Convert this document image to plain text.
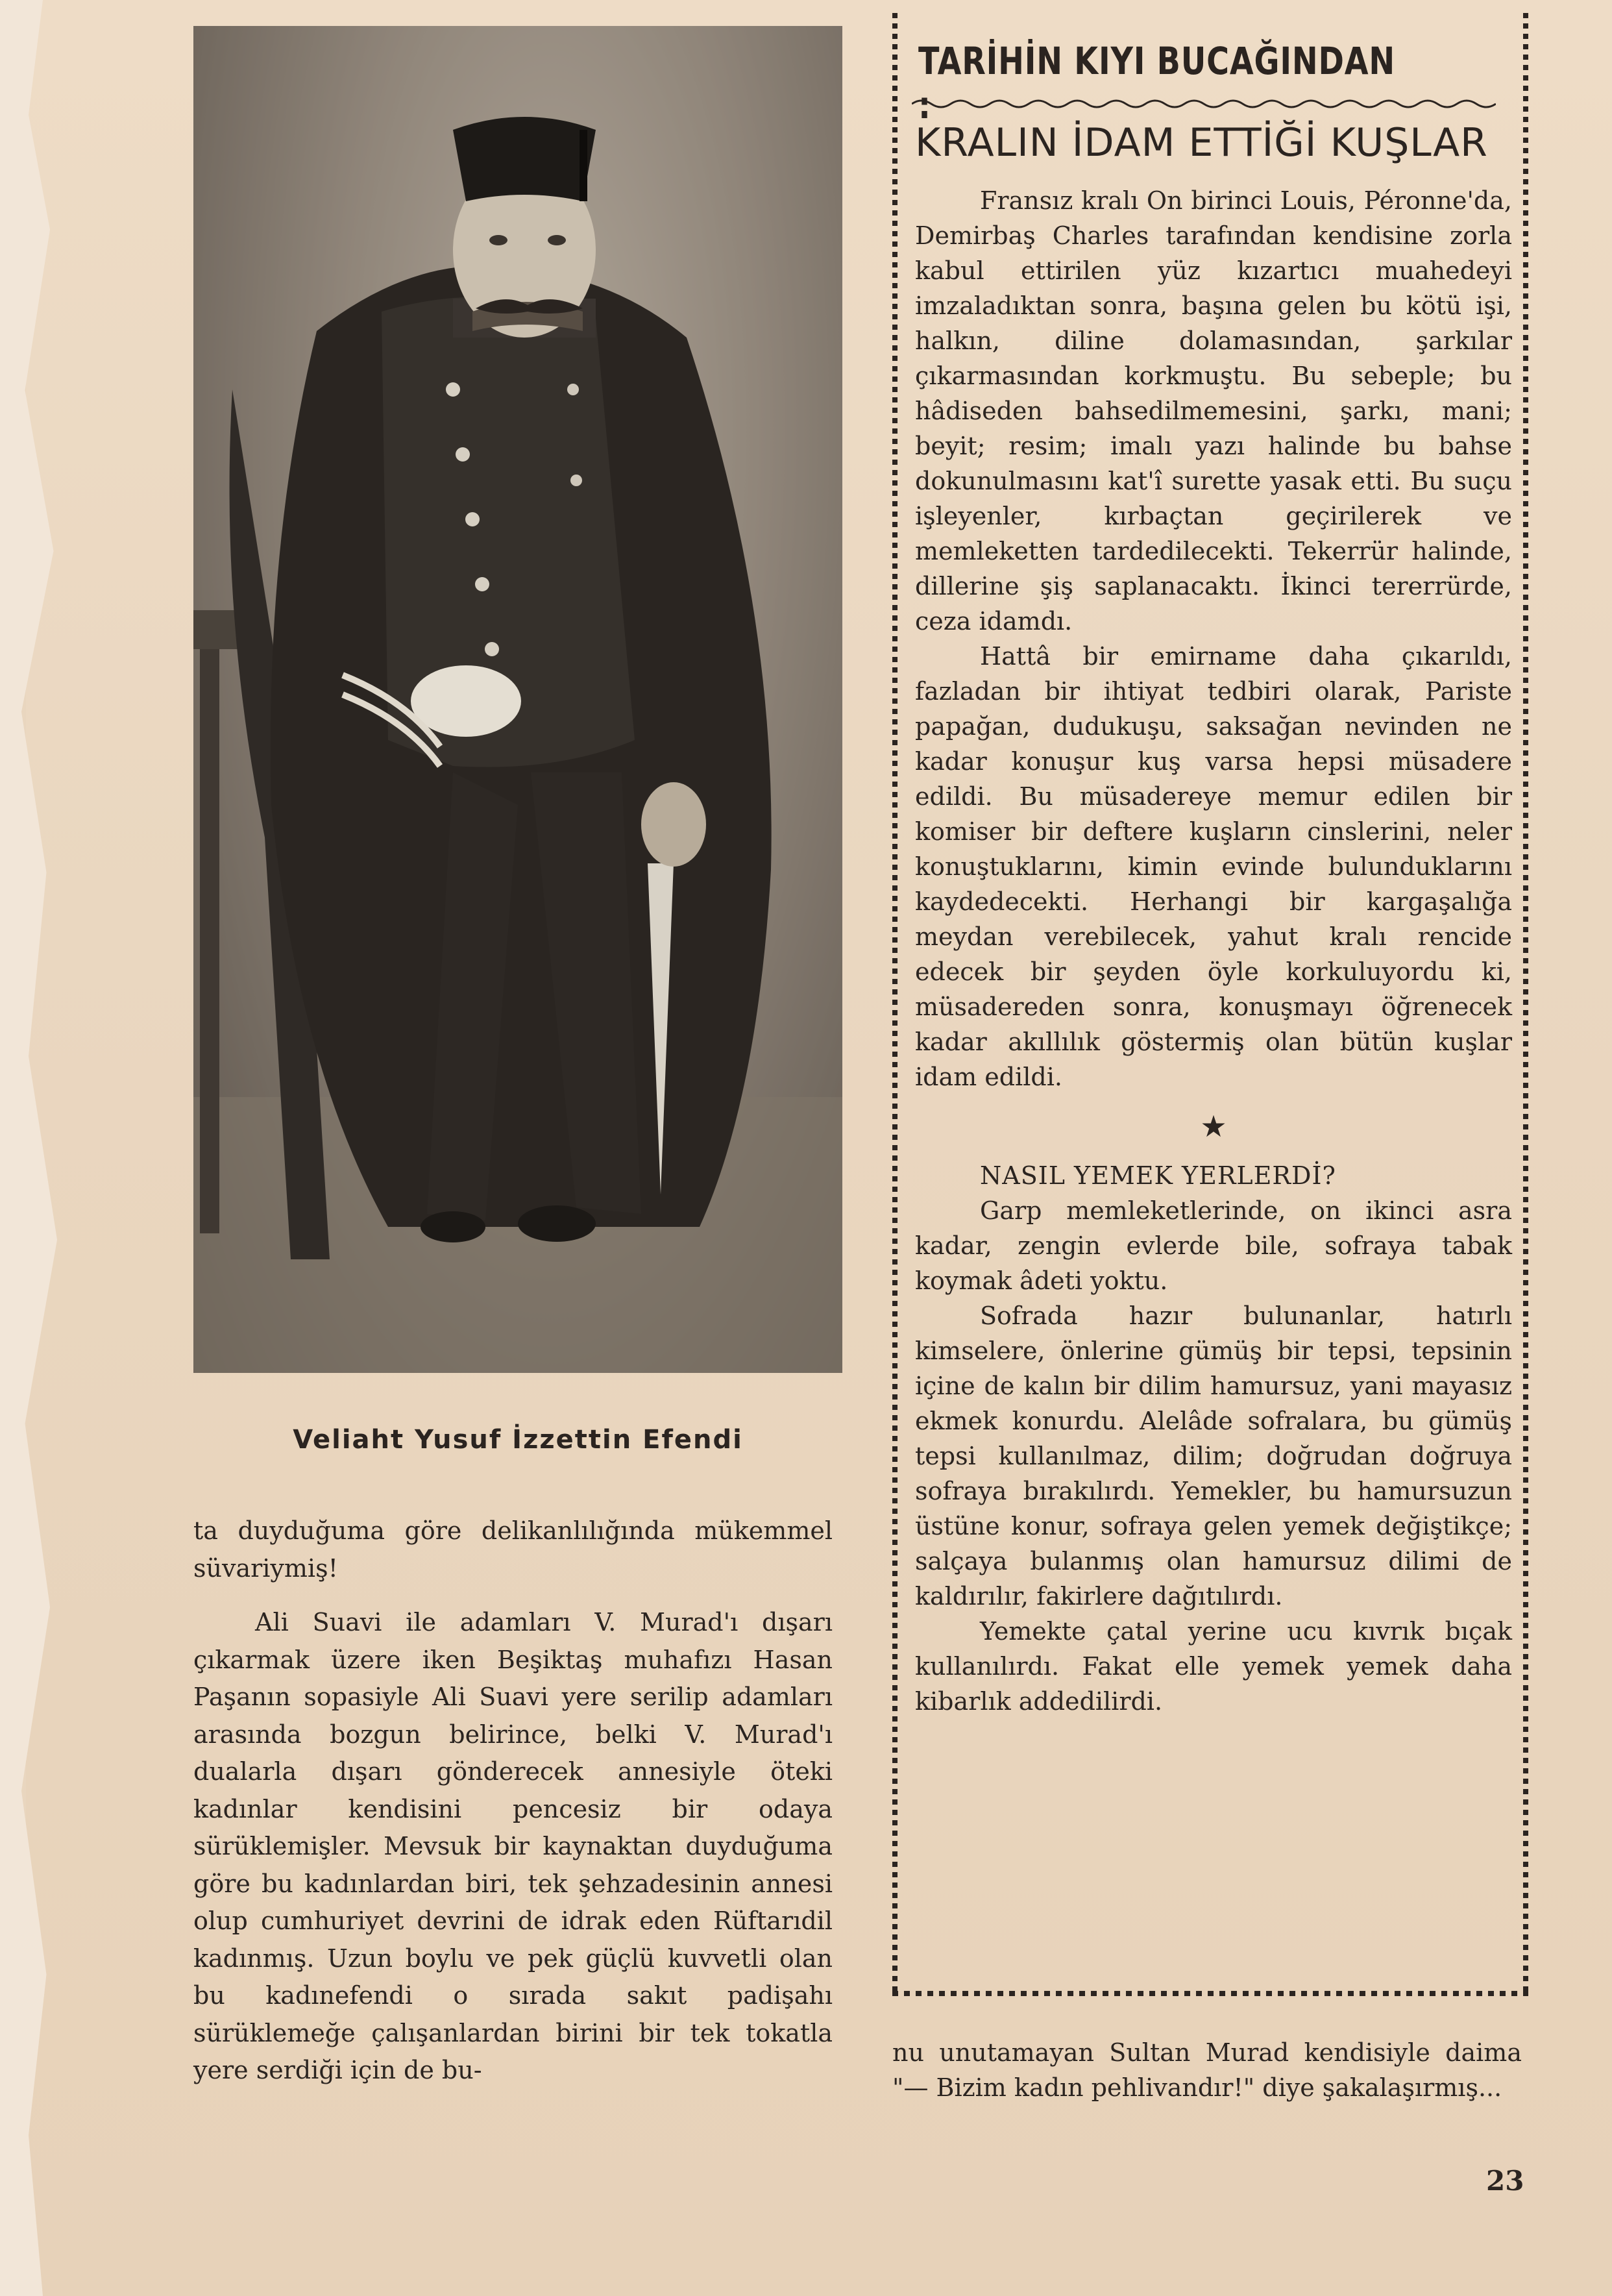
Veliaht Yusuf İzzettin Efendi

ta duyduğuma göre delikanlılığında mükemmel süvariymiş!

Ali Suavi ile adamları V. Murad'ı dışarı çıkarmak üzere iken Beşiktaş muhafızı Hasan Paşanın sopasiyle Ali Suavi yere serilip adamları arasında bozgun belirince, belki V. Murad'ı dualarla dışarı gönderecek annesiyle öteki kadınlar kendisini pencesiz bir odaya sürüklemişler. Mevsuk bir kaynaktan duyduğuma göre bu kadınlardan biri, tek şehzadesinin annesi olup cumhuriyet devrini de idrak eden Rüftarıdil kadınmış. Uzun boylu ve pek güçlü kuvvetli olan bu kadınefendi o sırada sakıt padişahı sürüklemeğe çalışanlardan birini bir tek tokatla yere serdiği için de bu-

TARİHİN KIYI BUCAĞINDAN :
KRALIN İDAM ETTİĞİ KUŞLAR

Fransız kralı On birinci Louis, Péronne'da, Demirbaş Charles tarafından kendisine zorla kabul ettirilen yüz kızartıcı muahedeyi imzaladıktan sonra, başına gelen bu kötü işi, halkın, diline dolamasından, şarkılar çıkarmasından korkmuştu. Bu sebeple; bu hâdiseden bahsedilmemesini, şarkı, mani; beyit; resim; imalı yazı halinde bu bahse dokunulmasını kat'î surette yasak etti. Bu suçu işleyenler, kırbaçtan geçirilerek ve memleketten tardedilecekti. Tekerrür halinde, dillerine şiş saplanacaktı. İkinci tererrürde, ceza idamdı.

Hattâ bir emirname daha çıkarıldı, fazladan bir ihtiyat tedbiri olarak, Pariste papağan, dudukuşu, saksağan nevinden ne kadar konuşur kuş varsa hepsi müsadere edildi. Bu müsadereye memur edilen bir komiser bir deftere kuşların cinslerini, neler konuştuklarını, kimin evinde bulunduklarını kaydedecekti. Herhangi bir kargaşalığa meydan verebilecek, yahut kralı rencide edecek bir şeyden öyle korkuluyordu ki, müsadereden sonra, konuşmayı öğrenecek kadar akıllılık göstermiş olan bütün kuşlar idam edildi.

★

NASIL YEMEK YERLERDİ?

Garp memleketlerinde, on ikinci asra kadar, zengin evlerde bile, sofraya tabak koymak âdeti yoktu.

Sofrada hazır bulunanlar, hatırlı kimselere, önlerine gümüş bir tepsi, tepsinin içine de kalın bir dilim hamursuz, yani mayasız ekmek konurdu. Alelâde sofralara, bu gümüş tepsi kullanılmaz, dilim; doğrudan doğruya sofraya bırakılırdı. Yemekler, bu hamursuzun üstüne konur, sofraya gelen yemek değiştikçe; salçaya bulanmış olan hamursuz dilimi de kaldırılır, fakirlere dağıtılırdı.

Yemekte çatal yerine ucu kıvrık bıçak kullanılırdı. Fakat elle yemek yemek daha kibarlık addedilirdi.

nu unutamayan Sultan Murad kendisiyle daima "— Bizim kadın pehlivandır!" diye şakalaşırmış...

23
